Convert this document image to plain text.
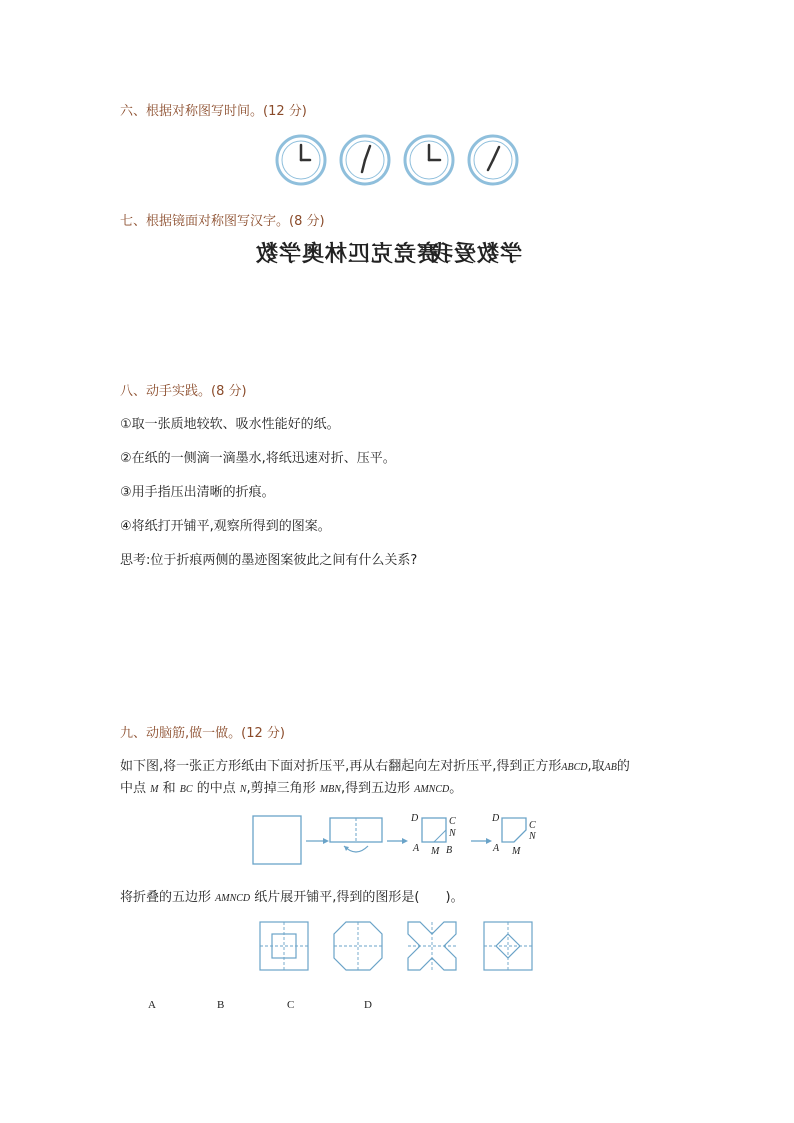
六、根据对称图写时间。(12 分)
七、根据镜面对称图写汉字。(8 分)
赛竞克匹林奥学数
学数爱我
八、动手实践。(8 分)
①取一张质地较软、吸水性能好的纸。
②在纸的一侧滴一滴墨水,将纸迅速对折、压平。
③用手指压出清晰的折痕。
④将纸打开铺平,观察所得到的图案。
思考:位于折痕两侧的墨迹图案彼此之间有什么关系?
九、动脑筋,做一做。(12 分)
如下图,将一张正方形纸由下面对折压平,再从右翻起向左对折压平,得到正方形ABCD,取AB的
中点 M 和 BC 的中点 N,剪掉三角形 MBN,得到五边形 AMNCD。
D	C
N
A M B
D
C
N
A M
将折叠的五边形 AMNCD 纸片展开铺平,得到的图形是( )。
A	B	C	D
